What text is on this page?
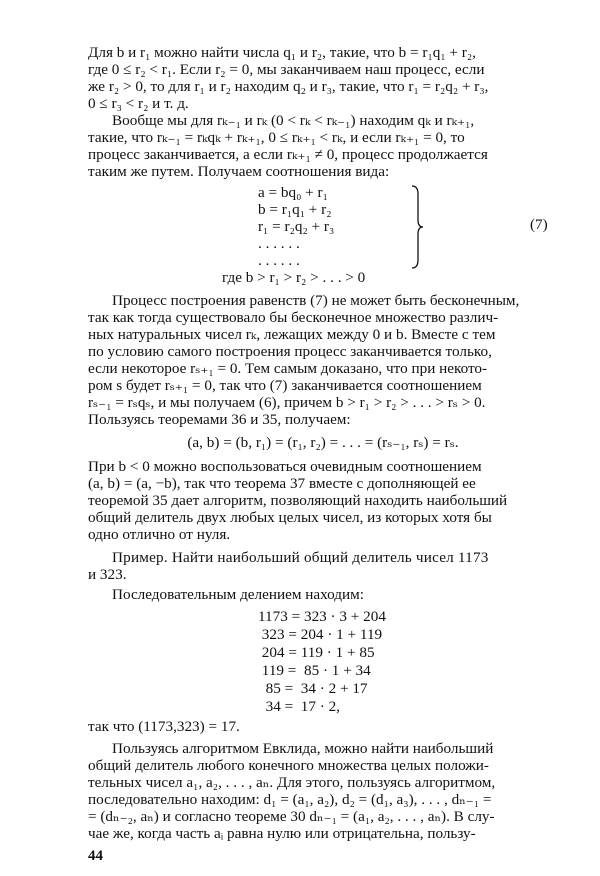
Для b и r₁ можно найти числа q₁ и r₂, такие, что b = r₁q₁ + r₂,
где 0 ≤ r₂ < r₁. Если r₂ = 0, мы заканчиваем наш процесс, если
же r₂ > 0, то для r₁ и r₂ находим q₂ и r₃, такие, что r₁ = r₂q₂ + r₃,
0 ≤ r₃ < r₂ и т. д.
Вообще мы для rₖ₋₁ и rₖ (0 < rₖ < rₖ₋₁) находим qₖ и rₖ₊₁,
такие, что rₖ₋₁ = rₖqₖ + rₖ₊₁, 0 ≤ rₖ₊₁ < rₖ, и если rₖ₊₁ = 0, то
процесс заканчивается, а если rₖ₊₁ ≠ 0, процесс продолжается
таким же путем. Получаем соотношения вида:
a = bq₀ + r₁
b = r₁q₁ + r₂
r₁ = r₂q₂ + r₃
. . . . . .
. . . . . .
где b > r₁ > r₂ > . . . > 0
(7)
Процесс построения равенств (7) не может быть бесконечным,
так как тогда существовало бы бесконечное множество различ-
ных натуральных чисел rₖ, лежащих между 0 и b. Вместе с тем
по условию самого построения процесс заканчивается только,
если некоторое rₛ₊₁ = 0. Тем самым доказано, что при некото-
ром s будет rₛ₊₁ = 0, так что (7) заканчивается соотношением
rₛ₋₁ = rₛqₛ, и мы получаем (6), причем b > r₁ > r₂ > . . . > rₛ > 0.
Пользуясь теоремами 36 и 35, получаем:
(a, b) = (b, r₁) = (r₁, r₂) = . . . = (rₛ₋₁, rₛ) = rₛ.
При b < 0 можно воспользоваться очевидным соотношением
(a, b) = (a, −b), так что теорема 37 вместе с дополняющей ее
теоремой 35 дает алгоритм, позволяющий находить наибольший
общий делитель двух любых целых чисел, из которых хотя бы
одно отлично от нуля.
Пример. Найти наибольший общий делитель чисел 1173
и 323.
Последовательным делением находим:
1173 = 323 · 3 + 204
323 = 204 · 1 + 119
204 = 119 · 1 + 85
119 =  85 · 1 + 34
85 =  34 · 2 + 17
34 =  17 · 2,
так что (1173,323) = 17.
Пользуясь алгоритмом Евклида, можно найти наибольший
общий делитель любого конечного множества целых положи-
тельных чисел a₁, a₂, . . . , aₙ. Для этого, пользуясь алгоритмом,
последовательно находим: d₁ = (a₁, a₂), d₂ = (d₁, a₃), . . . , dₙ₋₁ =
= (dₙ₋₂, aₙ) и согласно теореме 30 dₙ₋₁ = (a₁, a₂, . . . , aₙ). В слу-
чае же, когда часть aᵢ равна нулю или отрицательна, пользу-
44
